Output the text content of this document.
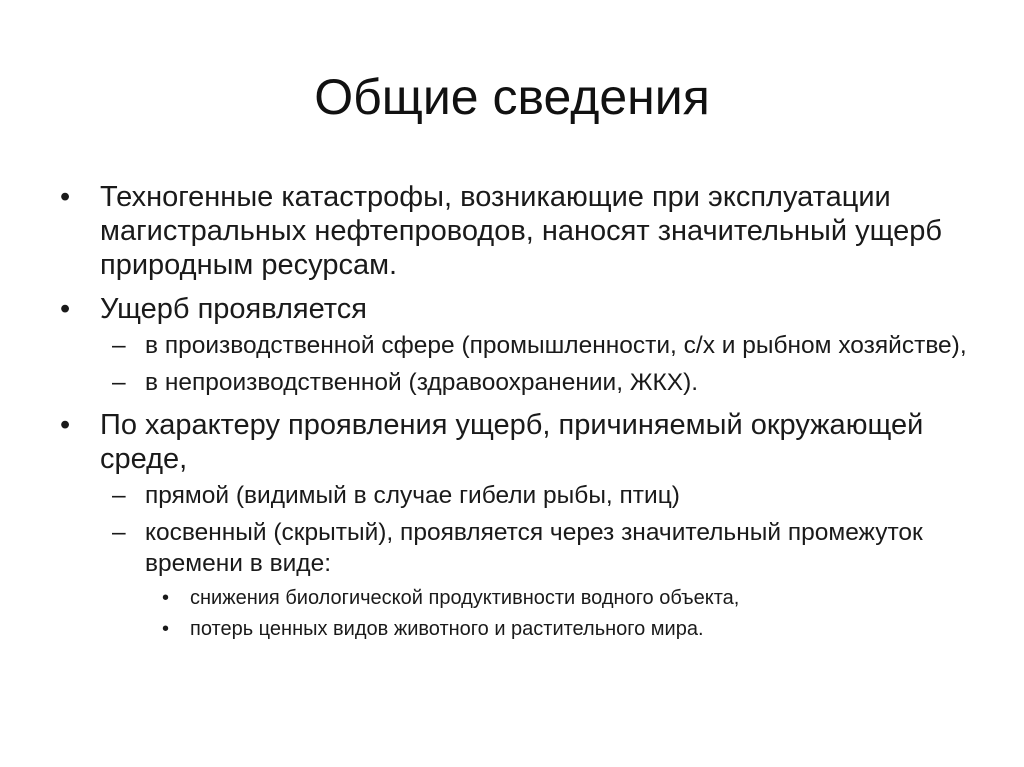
Общие сведения

• Техногенные катастрофы, возникающие при эксплуатации магистральных нефтепроводов, наносят значительный ущерб природным ресурсам.

• Ущерб проявляется

– в производственной сфере (промышленности, с/х и рыбном хозяйстве),

– в непроизводственной (здравоохранении, ЖКХ).

• По характеру проявления ущерб, причиняемый окружающей среде,

– прямой (видимый в случае гибели рыбы, птиц)

– косвенный (скрытый), проявляется через значительный промежуток времени в виде:

• снижения биологической продуктивности водного объекта,

• потерь ценных видов животного и растительного мира.
